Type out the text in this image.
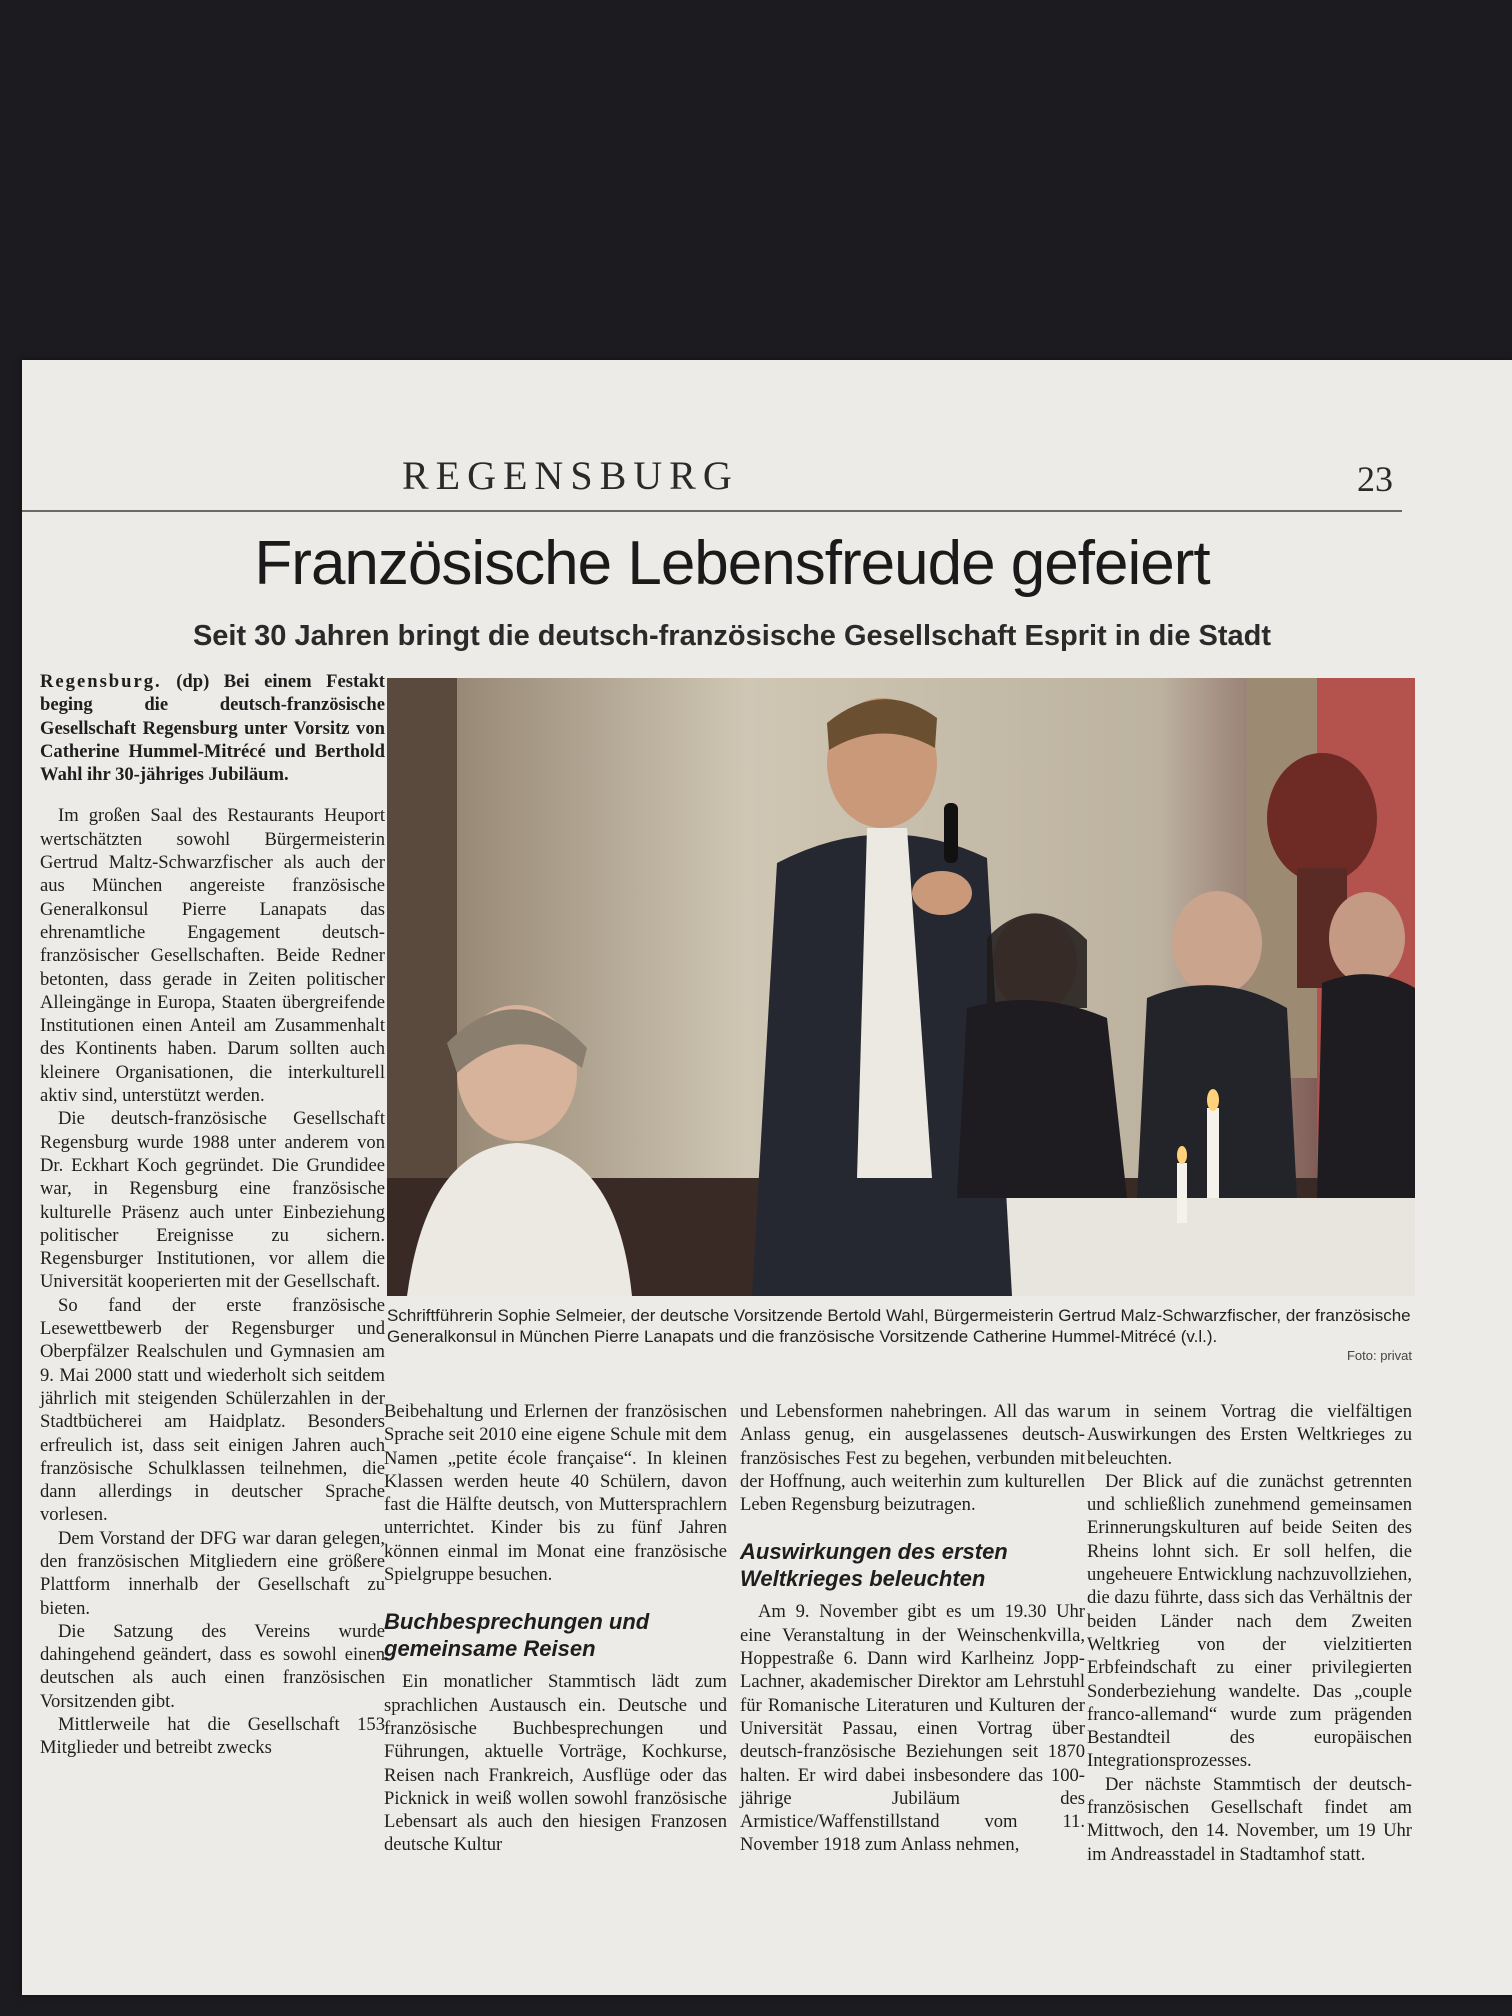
REGENSBURG	23
Französische Lebensfreude gefeiert
Seit 30 Jahren bringt die deutsch-französische Gesellschaft Esprit in die Stadt

Regensburg. (dp) Bei einem Festakt beging die deutsch-französische Gesellschaft Regensburg unter Vorsitz von Catherine Hummel-Mitrécé und Berthold Wahl ihr 30-jähriges Jubiläum.

Im großen Saal des Restaurants Heuport wertschätzten sowohl Bürgermeisterin Gertrud Maltz-Schwarzfischer als auch der aus München angereiste französische Generalkonsul Pierre Lanapats das ehrenamtliche Engagement deutsch-französischer Gesellschaften. Beide Redner betonten, dass gerade in Zeiten politischer Alleingänge in Europa, Staaten übergreifende Institutionen einen Anteil am Zusammenhalt des Kontinents haben. Darum sollten auch kleinere Organisationen, die interkulturell aktiv sind, unterstützt werden.

Die deutsch-französische Gesellschaft Regensburg wurde 1988 unter anderem von Dr. Eckhart Koch gegründet. Die Grundidee war, in Regensburg eine französische kulturelle Präsenz auch unter Einbeziehung politischer Ereignisse zu sichern. Regensburger Institutionen, vor allem die Universität kooperierten mit der Gesellschaft.

So fand der erste französische Lesewettbewerb der Regensburger und Oberpfälzer Realschulen und Gymnasien am 9. Mai 2000 statt und wiederholt sich seitdem jährlich mit steigenden Schülerzahlen in der Stadtbücherei am Haidplatz. Besonders erfreulich ist, dass seit einigen Jahren auch französische Schulklassen teilnehmen, die dann allerdings in deutscher Sprache vorlesen.

Dem Vorstand der DFG war daran gelegen, den französischen Mitgliedern eine größere Plattform innerhalb der Gesellschaft zu bieten.

Die Satzung des Vereins wurde dahingehend geändert, dass es sowohl einen deutschen als auch einen französischen Vorsitzenden gibt.

Mittlerweile hat die Gesellschaft 153 Mitglieder und betreibt zwecks

Schriftführerin Sophie Selmeier, der deutsche Vorsitzende Bertold Wahl, Bürgermeisterin Gertrud Malz-Schwarzfischer, der französische Generalkonsul in München Pierre Lanapats und die französische Vorsitzende Catherine Hummel-Mitrécé (v.l.).
Foto: privat

Beibehaltung und Erlernen der französischen Sprache seit 2010 eine eigene Schule mit dem Namen „petite école française“. In kleinen Klassen werden heute 40 Schülern, davon fast die Hälfte deutsch, von Muttersprachlern unterrichtet. Kinder bis zu fünf Jahren können einmal im Monat eine französische Spielgruppe besuchen.

Buchbesprechungen und gemeinsame Reisen

Ein monatlicher Stammtisch lädt zum sprachlichen Austausch ein. Deutsche und französische Buchbesprechungen und Führungen, aktuelle Vorträge, Kochkurse, Reisen nach Frankreich, Ausflüge oder das Picknick in weiß wollen sowohl französische Lebensart als auch den hiesigen Franzosen deutsche Kultur

und Lebensformen nahebringen. All das war Anlass genug, ein ausgelassenes deutsch-französisches Fest zu begehen, verbunden mit der Hoffnung, auch weiterhin zum kulturellen Leben Regensburg beizutragen.

Auswirkungen des ersten Weltkrieges beleuchten

Am 9. November gibt es um 19.30 Uhr eine Veranstaltung in der Weinschenkvilla, Hoppestraße 6. Dann wird Karlheinz Jopp-Lachner, akademischer Direktor am Lehrstuhl für Romanische Literaturen und Kulturen der Universität Passau, einen Vortrag über deutsch-französische Beziehungen seit 1870 halten. Er wird dabei insbesondere das 100-jährige Jubiläum des Armistice/Waffenstillstand vom 11. November 1918 zum Anlass nehmen,

um in seinem Vortrag die vielfältigen Auswirkungen des Ersten Weltkrieges zu beleuchten.

Der Blick auf die zunächst getrennten und schließlich zunehmend gemeinsamen Erinnerungskulturen auf beide Seiten des Rheins lohnt sich. Er soll helfen, die ungeheuere Entwicklung nachzuvollziehen, die dazu führte, dass sich das Verhältnis der beiden Länder nach dem Zweiten Weltkrieg von der vielzitierten Erbfeindschaft zu einer privilegierten Sonderbeziehung wandelte. Das „couple franco-allemand“ wurde zum prägenden Bestandteil des europäischen Integrationsprozesses.

Der nächste Stammtisch der deutsch-französischen Gesellschaft findet am Mittwoch, den 14. November, um 19 Uhr im Andreasstadel in Stadtamhof statt.
